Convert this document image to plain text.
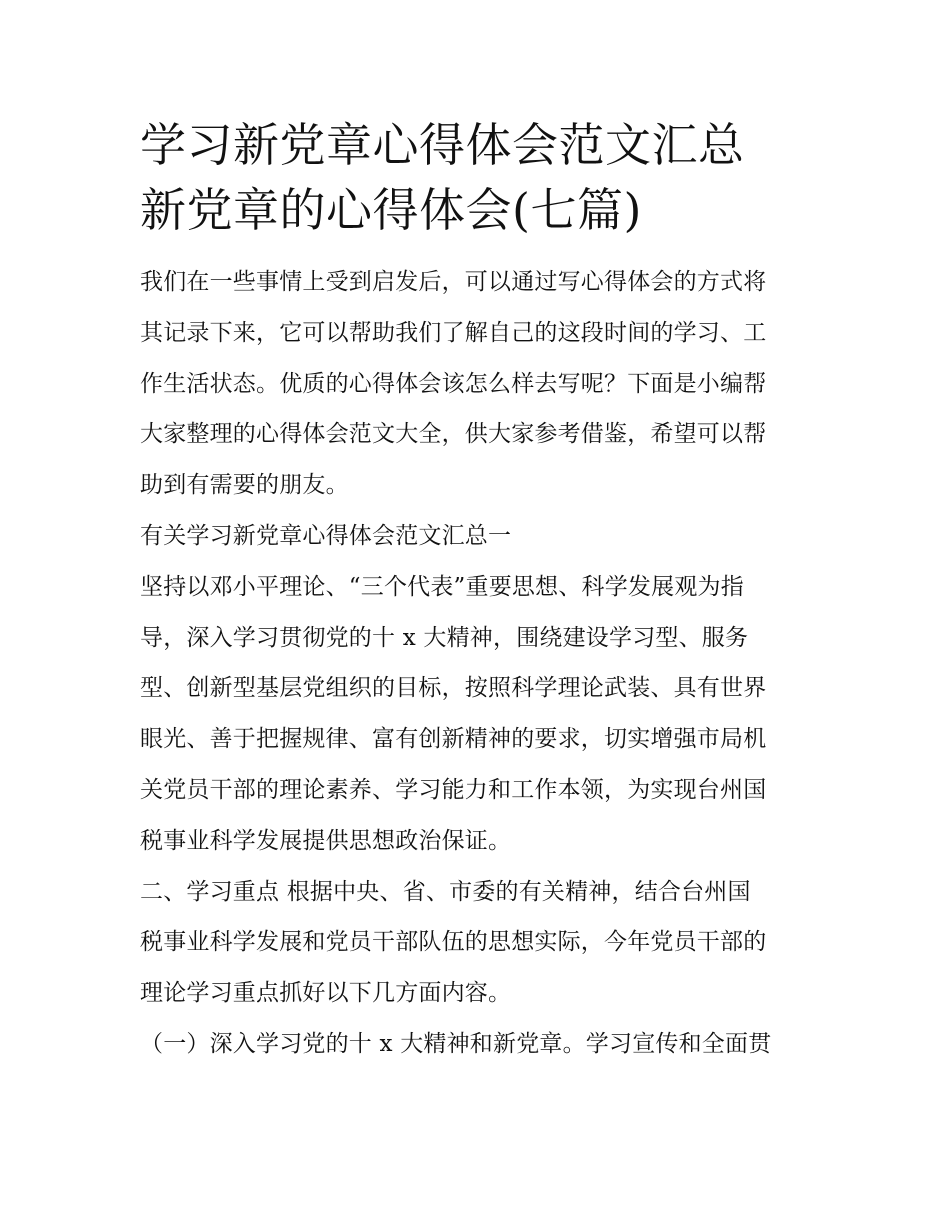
学习新党章心得体会范文汇总
新党章的心得体会(七篇)

我们在一些事情上受到启发后，可以通过写心得体会的方式将
其记录下来，它可以帮助我们了解自己的这段时间的学习、工
作生活状态。优质的心得体会该怎么样去写呢？下面是小编帮
大家整理的心得体会范文大全，供大家参考借鉴，希望可以帮
助到有需要的朋友。

有关学习新党章心得体会范文汇总一

坚持以邓小平理论、“三个代表”重要思想、科学发展观为指
导，深入学习贯彻党的十 x 大精神，围绕建设学习型、服务
型、创新型基层党组织的目标，按照科学理论武装、具有世界
眼光、善于把握规律、富有创新精神的要求，切实增强市局机
关党员干部的理论素养、学习能力和工作本领，为实现台州国
税事业科学发展提供思想政治保证。

二、学习重点 根据中央、省、市委的有关精神，结合台州国
税事业科学发展和党员干部队伍的思想实际，今年党员干部的
理论学习重点抓好以下几方面内容。

（一）深入学习党的十 x 大精神和新党章。学习宣传和全面贯
